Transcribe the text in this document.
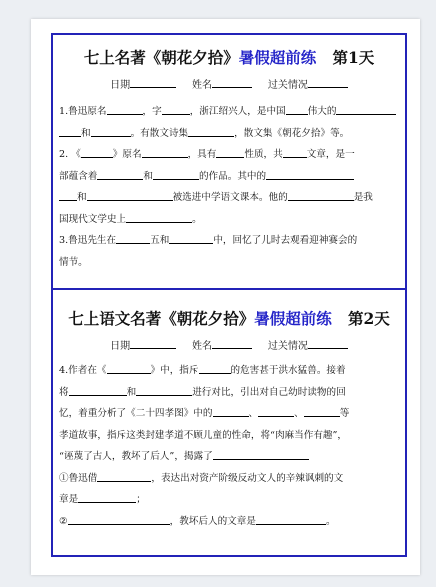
七上名著《朝花夕拾》暑假超前练 第1天
日期	姓名	过关情况
1.鲁迅原名	，字	，浙江绍兴人，是中国 伟大的
和	。有散文诗集	，散文集《朝花夕拾》等。
2. 《	》原名	，具有	性质，共	文章，是一
部蕴含着	和	的作品。其中的
和	被选进中学语文课本。他的	是我
国现代文学史上	。
3.鲁迅先生在	五和	中，回忆了儿时去观看迎神赛会的
情节。
七上语文名著《朝花夕拾》暑假超前练 第2天
日期	姓名	过关情况
4.作者在《	》中，指斥	的危害甚于洪水猛兽。接着
将	和	进行对比，引出对自己幼时读物的回
忆，着重分析了《二十四孝图》中的	、	、	等
孝道故事，指斥这类封建孝道不顾儿童的性命，将“肉麻当作有趣”，
“诬蔑了古人，教坏了后人”，揭露了
①鲁迅借	，表达出对资产阶级反动文人的辛辣讽刺的文
章是	；
②	，教坏后人的文章是	。
